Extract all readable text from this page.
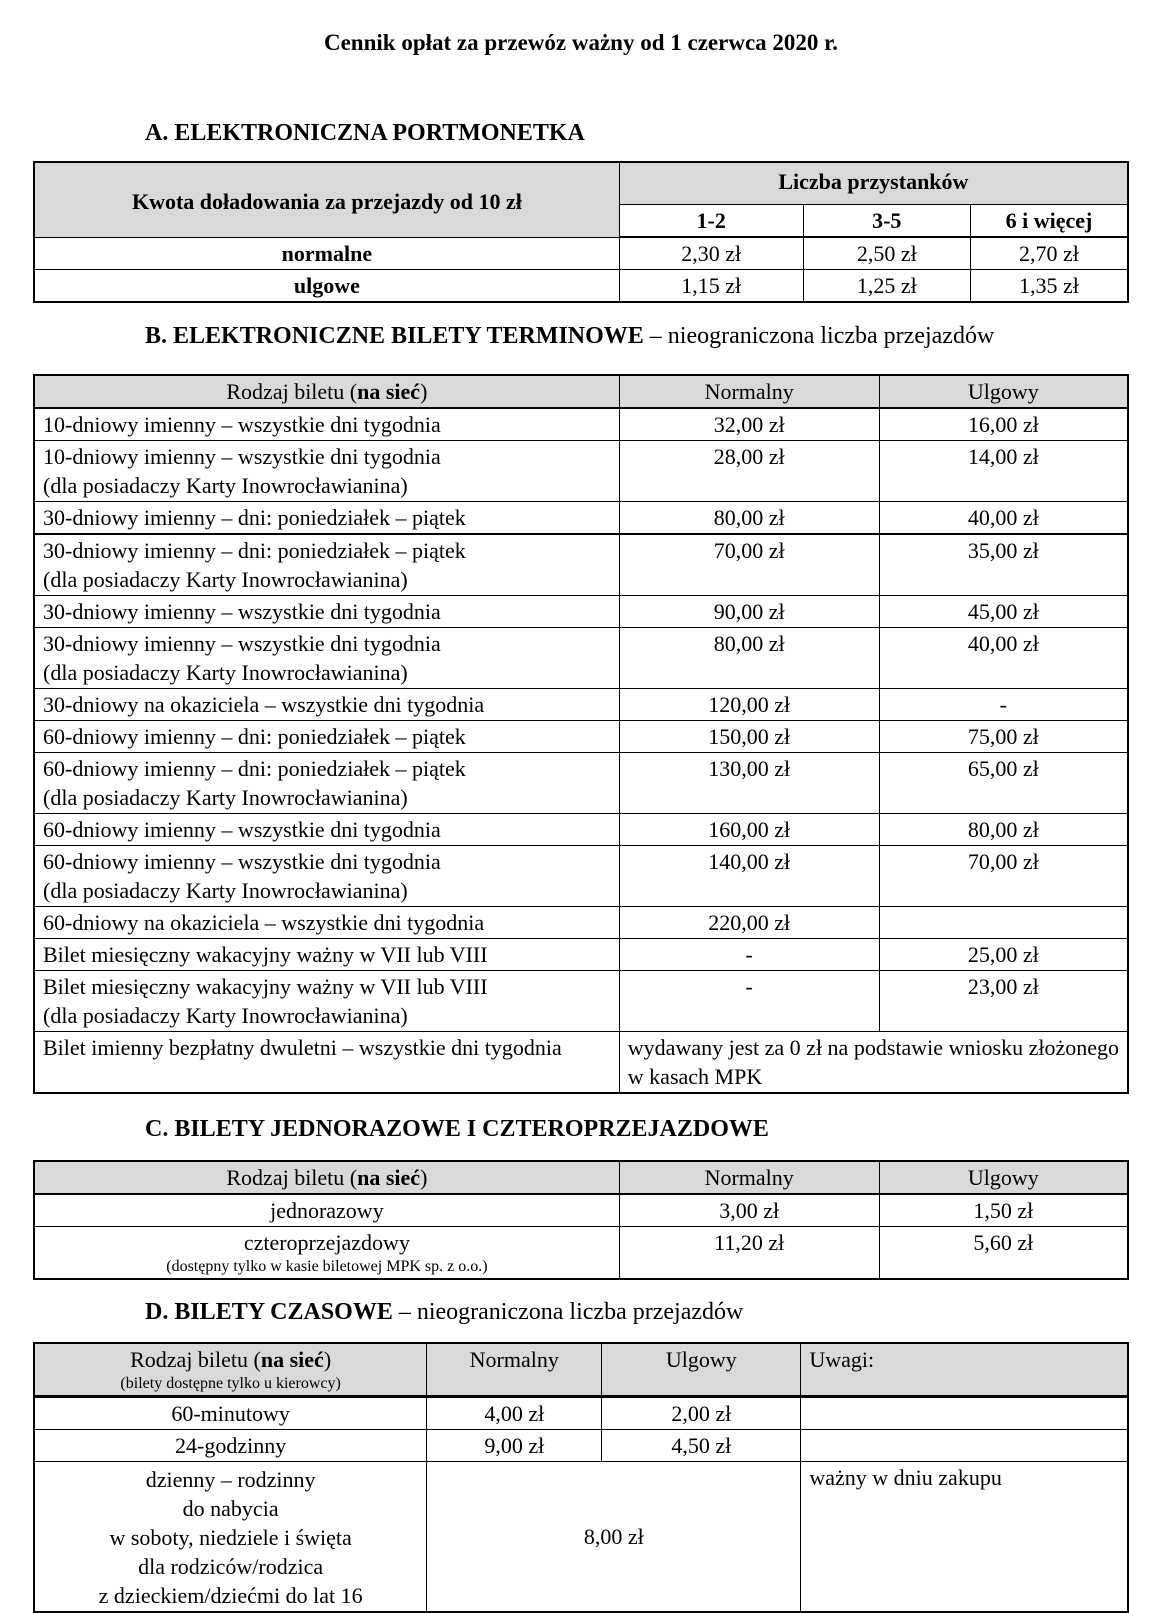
Cennik opłat za przewóz ważny od 1 czerwca 2020 r.

A. ELEKTRONICZNA PORTMONETKA

Kwota doładowania za przejazdy od 10 zł	Liczba przystanków		
	1-2	3-5	6 i więcej
normalne	2,30 zł	2,50 zł	2,70 zł
ulgowe	1,15 zł	1,25 zł	1,35 zł

B. ELEKTRONICZNE BILETY TERMINOWE – nieograniczona liczba przejazdów

Rodzaj biletu (na sieć)	Normalny	Ulgowy
10-dniowy imienny – wszystkie dni tygodnia	32,00 zł	16,00 zł
10-dniowy imienny – wszystkie dni tygodnia
(dla posiadaczy Karty Inowrocławianina)	28,00 zł	14,00 zł
30-dniowy imienny – dni: poniedziałek – piątek	80,00 zł	40,00 zł
30-dniowy imienny – dni: poniedziałek – piątek
(dla posiadaczy Karty Inowrocławianina)	70,00 zł	35,00 zł
30-dniowy imienny – wszystkie dni tygodnia	90,00 zł	45,00 zł
30-dniowy imienny – wszystkie dni tygodnia
(dla posiadaczy Karty Inowrocławianina)	80,00 zł	40,00 zł
30-dniowy na okaziciela – wszystkie dni tygodnia	120,00 zł	-
60-dniowy imienny – dni: poniedziałek – piątek	150,00 zł	75,00 zł
60-dniowy imienny – dni: poniedziałek – piątek
(dla posiadaczy Karty Inowrocławianina)	130,00 zł	65,00 zł
60-dniowy imienny – wszystkie dni tygodnia	160,00 zł	80,00 zł
60-dniowy imienny – wszystkie dni tygodnia
(dla posiadaczy Karty Inowrocławianina)	140,00 zł	70,00 zł
60-dniowy na okaziciela – wszystkie dni tygodnia	220,00 zł	
Bilet miesięczny wakacyjny ważny w VII lub VIII	-	25,00 zł
Bilet miesięczny wakacyjny ważny w VII lub VIII
(dla posiadaczy Karty Inowrocławianina)	-	23,00 zł
Bilet imienny bezpłatny dwuletni – wszystkie dni tygodnia	wydawany jest za 0 zł na podstawie wniosku złożonego w kasach MPK	

C. BILETY JEDNORAZOWE I CZTEROPRZEJAZDOWE

Rodzaj biletu (na sieć)	Normalny	Ulgowy
jednorazowy	3,00 zł	1,50 zł
czteroprzejazdowy
(dostępny tylko w kasie biletowej MPK sp. z o.o.)	11,20 zł	5,60 zł

D. BILETY CZASOWE – nieograniczona liczba przejazdów

Rodzaj biletu (na sieć)
(bilety dostępne tylko u kierowcy)	Normalny	Ulgowy	Uwagi:
60-minutowy	4,00 zł	2,00 zł	
24-godzinny	9,00 zł	4,50 zł	

dzienny – rodzinny
do nabycia
w soboty, niedziele i święta
dla rodziców/rodzica
z dzieckiem/dziećmi do lat 16	8,00 zł		ważny w dniu zakupu
